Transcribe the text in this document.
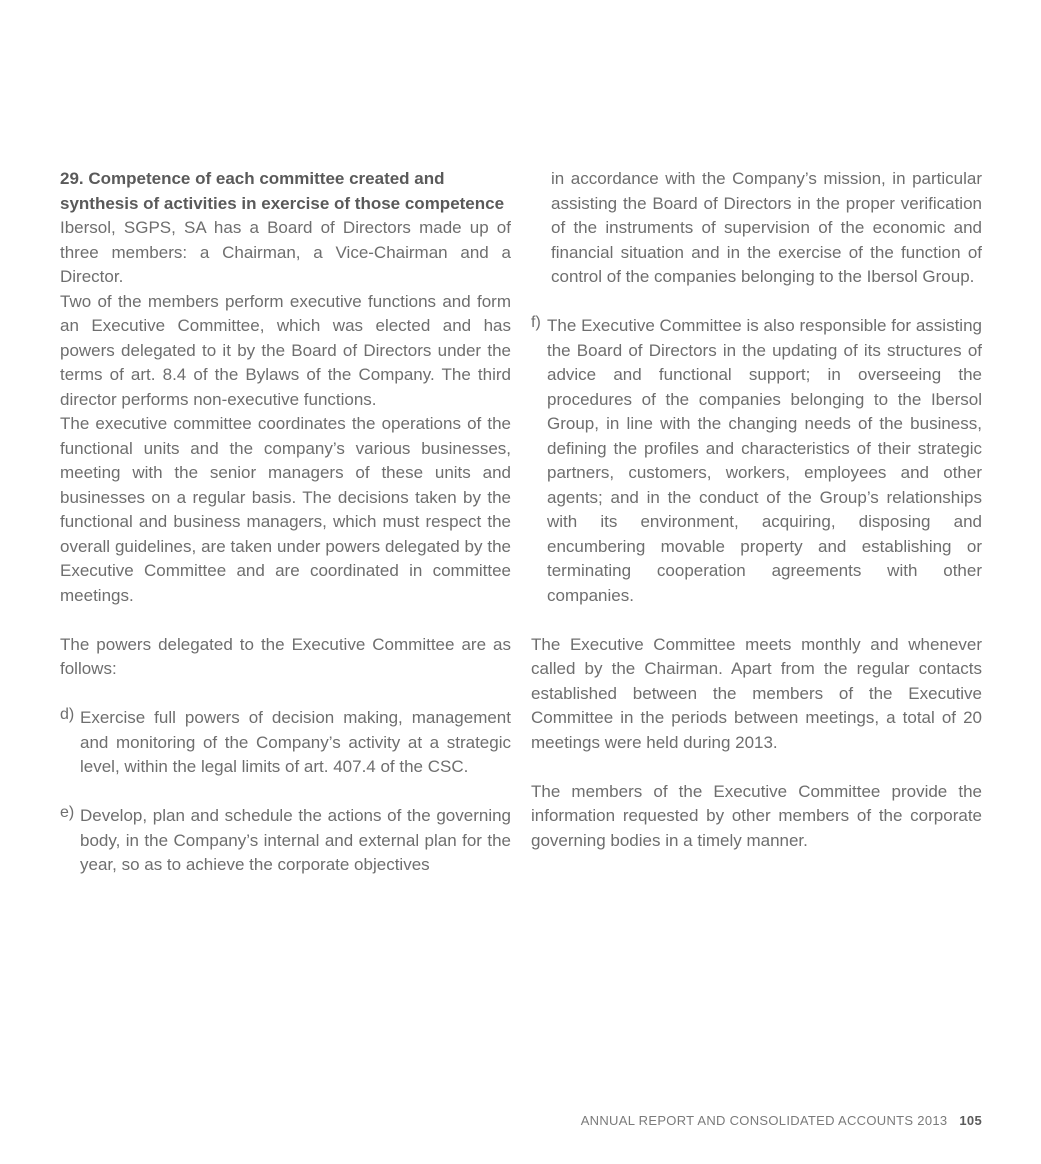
29. Competence of each committee created and synthesis of activities in exercise of those competence

Ibersol, SGPS, SA has a Board of Directors made up of three members: a Chairman, a Vice-Chairman and a Director.

Two of the members perform executive functions and form an Executive Committee, which was elected and has powers delegated to it by the Board of Directors under the terms of art. 8.4 of the Bylaws of the Company. The third director performs non-executive functions.

The executive committee coordinates the operations of the functional units and the company’s various businesses, meeting with the senior managers of these units and businesses on a regular basis. The decisions taken by the functional and business managers, which must respect the overall guidelines, are taken under powers delegated by the Executive Committee and are coordinated in committee meetings.

The powers delegated to the Executive Committee are as follows:

d) Exercise full powers of decision making, management and monitoring of the Company’s activity at a strategic level, within the legal limits of art. 407.4 of the CSC.

e) Develop, plan and schedule the actions of the governing body, in the Company’s internal and external plan for the year, so as to achieve the corporate objectives

in accordance with the Company’s mission, in particular assisting the Board of Directors in the proper verification of the instruments of supervision of the economic and financial situation and in the exercise of the function of control of the companies belonging to the Ibersol Group.

f) The Executive Committee is also responsible for assisting the Board of Directors in the updating of its structures of advice and functional support; in overseeing the procedures of the companies belonging to the Ibersol Group, in line with the changing needs of the business, defining the profiles and characteristics of their strategic partners, customers, workers, employees and other agents; and in the conduct of the Group’s relationships with its environment, acquiring, disposing and encumbering movable property and establishing or terminating cooperation agreements with other companies.

The Executive Committee meets monthly and whenever called by the Chairman. Apart from the regular contacts established between the members of the Executive Committee in the periods between meetings, a total of 20 meetings were held during 2013.

The members of the Executive Committee provide the information requested by other members of the corporate governing bodies in a timely manner.

ANNUAL REPORT AND CONSOLIDATED ACCOUNTS 2013 105
